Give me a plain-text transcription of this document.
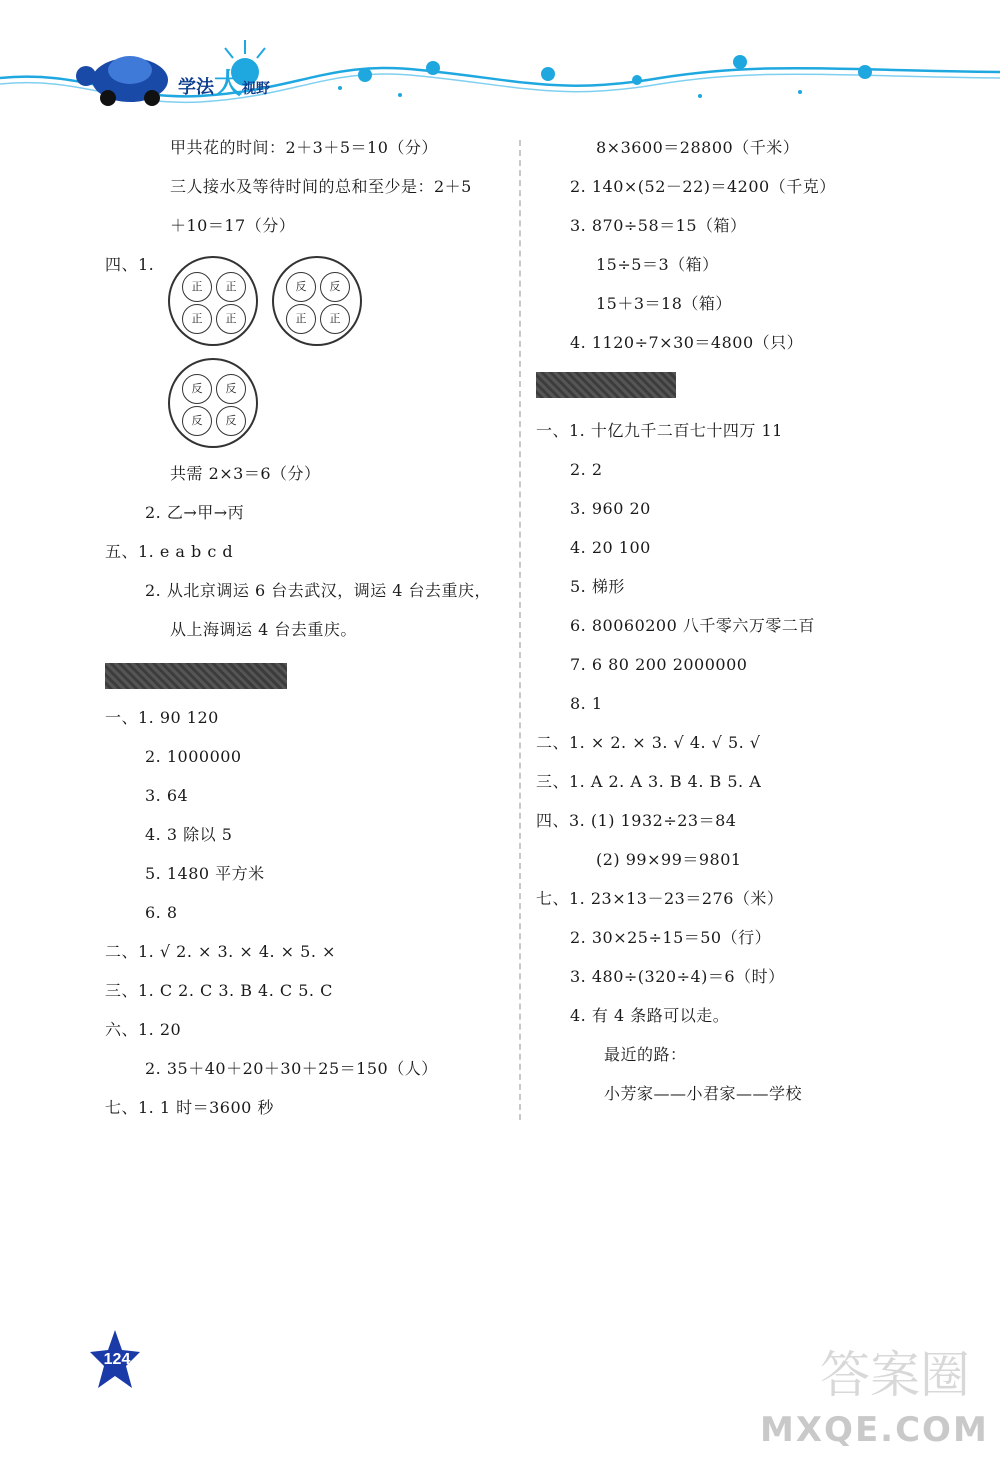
学法大视野
甲共花的时间：2＋3＋5＝10（分）
三人接水及等待时间的总和至少是：2＋5
＋10＝17（分）
四、1.
正	正
正	正
反	反
正	正
反	反
反	反
共需 2×3＝6（分）
2. 乙→甲→丙
五、1. e a b c d
2. 从北京调运 6 台去武汉，调运 4 台去重庆，
从上海调运 4 台去重庆。
一、1. 90 120
2. 1000000
3. 64
4. 3 除以 5
5. 1480 平方米
6. 8
二、1. √ 2. × 3. × 4. × 5. ×
三、1. C 2. C 3. B 4. C 5. C
六、1. 20
2. 35＋40＋20＋30＋25＝150（人）
七、1. 1 时＝3600 秒
8×3600＝28800（千米）
2. 140×(52－22)＝4200（千克）
3. 870÷58＝15（箱）
15÷5＝3（箱）
15＋3＝18（箱）
4. 1120÷7×30＝4800（只）
一、1. 十亿九千二百七十四万 11
2. 2
3. 960 20
4. 20 100
5. 梯形
6. 80060200 八千零六万零二百
7. 6 80 200 2000000
8. 1
二、1. × 2. × 3. √ 4. √ 5. √
三、1. A 2. A 3. B 4. B 5. A
四、3. (1) 1932÷23＝84
(2) 99×99＝9801
七、1. 23×13－23＝276（米）
2. 30×25÷15＝50（行）
3. 480÷(320÷4)＝6（时）
4. 有 4 条路可以走。
最近的路：
小芳家——小君家——学校
124	答案圈
MXQE.COM
